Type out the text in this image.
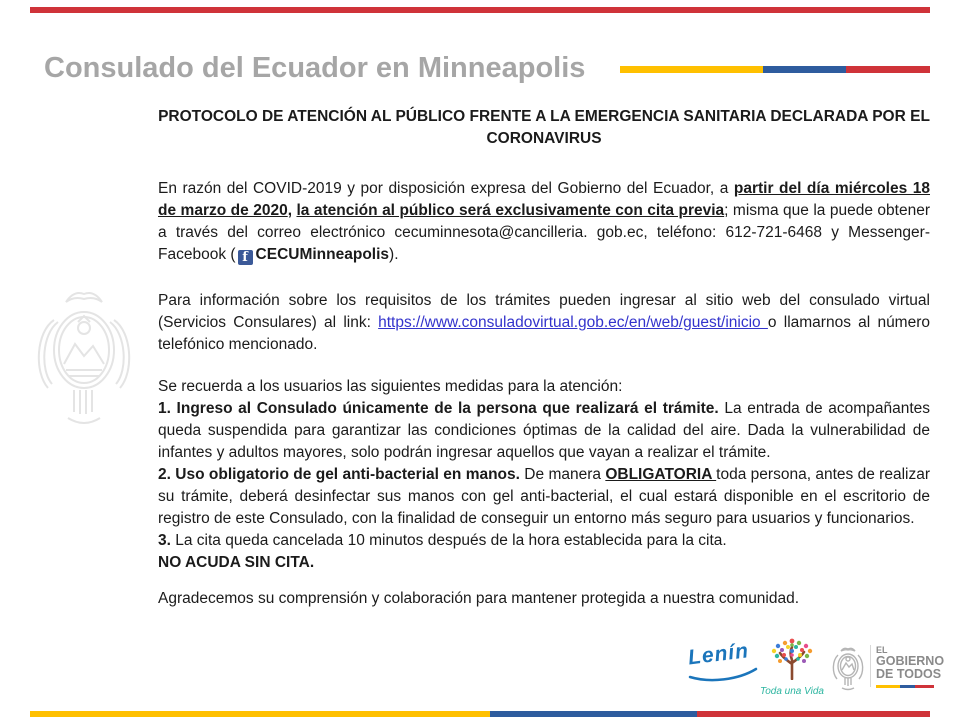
Consulado del Ecuador en Minneapolis

PROTOCOLO DE ATENCIÓN AL PÚBLICO FRENTE A LA EMERGENCIA SANITARIA DECLARADA POR EL CORONAVIRUS

En razón del COVID-2019 y por disposición expresa del Gobierno del Ecuador, a partir del día miércoles 18 de marzo de 2020, la atención al público será exclusivamente con cita previa; misma que la puede obtener a través del correo electrónico cecuminnesota@cancilleria. gob.ec, teléfono: 612-721-6468 y Messenger-Facebook ( f CECUMinneapolis).

Para información sobre los requisitos de los trámites pueden ingresar al sitio web del consulado virtual (Servicios Consulares) al link: https://www.consuladovirtual.gob.ec/en/web/guest/inicio o llamarnos al número telefónico mencionado.

Se recuerda a los usuarios las siguientes medidas para la atención:

1. Ingreso al Consulado únicamente de la persona que realizará el trámite. La entrada de acompañantes queda suspendida para garantizar las condiciones óptimas de la calidad del aire. Dada la vulnerabilidad de infantes y adultos mayores, solo podrán ingresar aquellos que vayan a realizar el trámite.

2. Uso obligatorio de gel anti-bacterial en manos. De manera OBLIGATORIA toda persona, antes de realizar su trámite, deberá desinfectar sus manos con gel anti-bacterial, el cual estará disponible en el escritorio de registro de este Consulado, con la finalidad de conseguir un entorno más seguro para usuarios y funcionarios.

3. La cita queda cancelada 10 minutos después de la hora establecida para la cita.

NO ACUDA SIN CITA.

Agradecemos su comprensión y colaboración para mantener protegida a nuestra comunidad.

Lenín
Toda una Vida
EL
GOBIERNO
DE TODOS
